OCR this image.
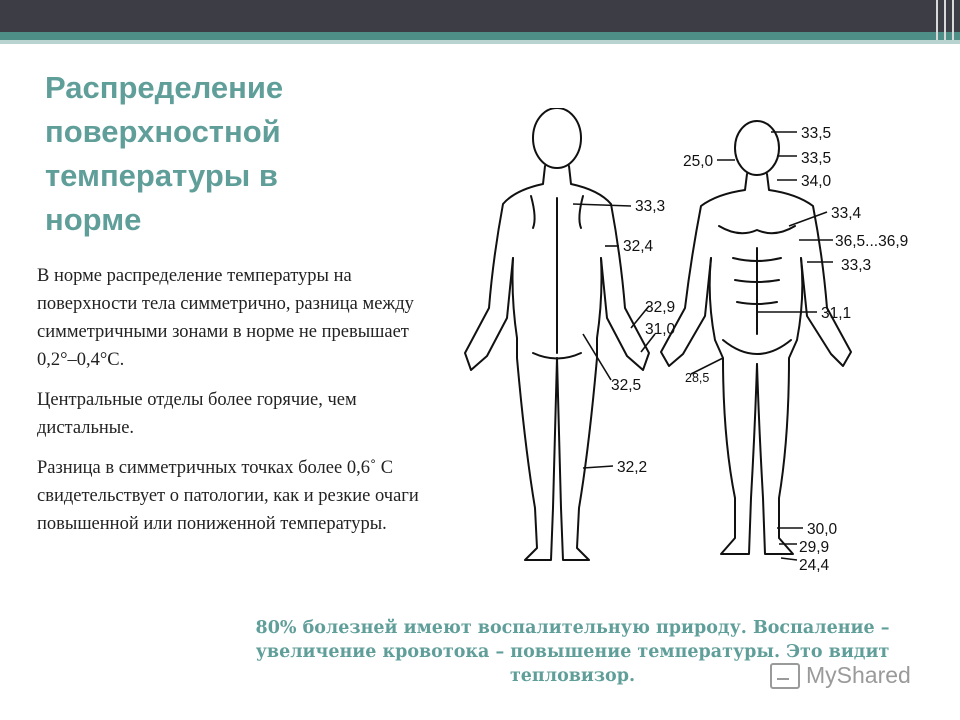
Распределение поверхностной температуры в норме

В норме распределение температуры на поверхности тела симметрично, разница между симметричными зонами в норме не превышает 0,2°–0,4°С.

Центральные отделы более горячие, чем дистальные.

Разница в симметричных точках более 0,6˚ С свидетельствует о патологии, как и резкие очаги повышенной или пониженной температуры.

33,3
32,4
32,9
31,0
32,5
32,2
33,5
25,0	33,5
34,0
33,4
36,5...36,9
33,3
31,1
28,5
30,0
29,9
24,4
80% болезней имеют воспалительную природу. Воспаление – увеличение кровотока – повышение температуры. Это видит тепловизор.	MyShared
